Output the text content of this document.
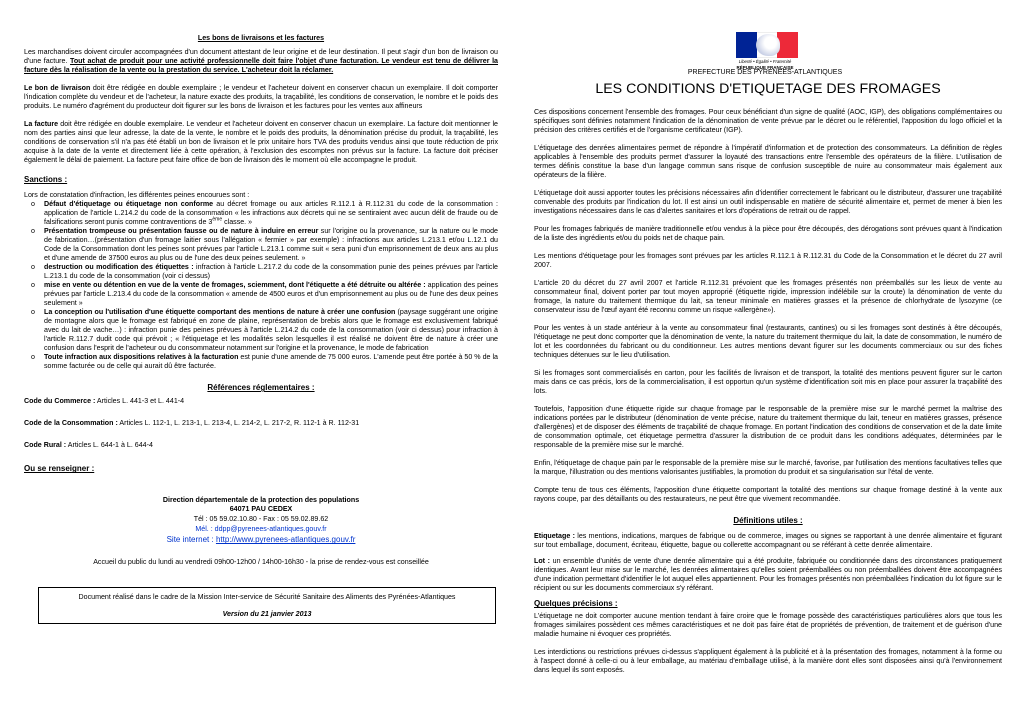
Les bons de livraisons et les factures

Les marchandises doivent circuler accompagnées d'un document attestant de leur origine et de leur destination. Il peut s'agir d'un bon de livraison ou d'une facture. Tout achat de produit pour une activité professionnelle doit faire l'objet d'une facturation. Le vendeur est tenu de délivrer la facture dès la réalisation de la vente ou la prestation du service. L'acheteur doit la réclamer.

Le bon de livraison doit être rédigée en double exemplaire ; le vendeur et l'acheteur doivent en conserver chacun un exemplaire. Il doit comporter l'indication complète du vendeur et de l'acheteur, la nature exacte des produits, la traçabilité, les conditions de conservation, le nombre et le poids des produits. Le numéro d'agrément du producteur doit figurer sur les bons de livraison et les factures pour les ventes aux affineurs

La facture doit être rédigée en double exemplaire. Le vendeur et l'acheteur doivent en conserver chacun un exemplaire. La facture doit mentionner le nom des parties ainsi que leur adresse, la date de la vente, le nombre et le poids des produits, la dénomination précise du produit, la traçabilité, les conditions de conservation s'il n'a pas été établi un bon de livraison et le prix unitaire hors TVA des produits vendus ainsi que toute réduction de prix acquise à la date de la vente et directement liée à cette opération, à l'exclusion des escomptes non prévus sur la facture. La facture doit préciser également le délai de paiement. La facture peut faire office de bon de livraison dès le moment où elle accompagne le produit.

Sanctions :

Lors de constatation d'infraction, les différentes peines encourues sont :

o Défaut d'étiquetage ou étiquetage non conforme au décret fromage ou aux articles R.112.1 à R.112.31 du code de la consommation : application de l'article L.214.2 du code de la consommation « les infractions aux décrets qui ne se sentiraient avec aucun délit de fraude ou de falsifications seront punis comme contraventions de 3ème classe. »
o Présentation trompeuse ou présentation fausse ou de nature à induire en erreur sur l'origine ou la provenance, sur la nature ou le mode de fabrication…(présentation d'un fromage laitier sous l'allégation « fermier » par exemple) : infractions aux articles L.213.1 et/ou L.12.1 du Code de la Consommation dont les peines sont prévues par l'article L.213.1 comme suit « sera puni d'un emprisonnement de deux ans au plus et d'une amende de 37500 euros au plus ou de l'une des deux peines seulement. »
o destruction ou modification des étiquettes : infraction à l'article L.217.2 du code de la consommation punie des peines prévues par l'article L.213.1 du code de la consommation (voir ci dessus)
o mise en vente ou détention en vue de la vente de fromages, sciemment, dont l'étiquette a été détruite ou altérée : application des peines prévues par l'article L.213.4 du code de la consommation « amende de 4500 euros et d'un emprisonnement au plus ou de l'une des deux peines seulement »
o La conception ou l'utilisation d'une étiquette comportant des mentions de nature à créer une confusion (paysage suggérant une origine de montagne alors que le fromage est fabriqué en zone de plaine, représentation de brebis alors que le fromage est exclusivement fabriqué avec du lait de vache…) : infraction punie des peines prévues à l'article L.214.2 du code de la consommation (voir ci dessus) pour infraction à l'article R.112.7 dudit code qui prévoit ; « l'étiquetage et les modalités selon lesquelles il est réalisé ne doivent être de nature à créer une confusion dans l'esprit de l'acheteur ou du consommateur notamment sur l'origine et la provenance, le mode de fabrication
o Toute infraction aux dispositions relatives à la facturation est punie d'une amende de 75 000 euros. L'amende peut être portée à 50 % de la somme facturée ou de celle qui aurait dû être facturée.

Références réglementaires :

Code du Commerce : Articles L. 441-3 et L. 441-4

Code de la Consommation : Articles L. 112-1, L. 213-1, L. 213-4, L. 214-2, L. 217-2, R. 112-1 à R. 112-31

Code Rural : Articles L. 644-1 à L. 644-4

Ou se renseigner :

Direction départementale de la protection des populations
64071 PAU CEDEX
Tél : 05 59.02.10.80 - Fax : 05 59.02.89.62
Mél. : ddpp@pyrenees-atlantiques.gouv.fr
Site internet : http://www.pyrenees-atlantiques.gouv.fr

Accueil du public du lundi au vendredi 09h00-12h00 / 14h00-16h30 - la prise de rendez-vous est conseillée

Document réalisé dans le cadre de la Mission Inter-service de Sécurité Sanitaire des Aliments des Pyrénées-Atlantiques
Version du 21 janvier 2013
Liberté • Égalité • Fraternité
RÉPUBLIQUE FRANÇAISE
PREFECTURE DES PYRENEES-ATLANTIQUES
LES CONDITIONS D'ETIQUETAGE DES FROMAGES

Ces dispositions concernent l'ensemble des fromages. Pour ceux bénéficiant d'un signe de qualité (AOC, IGP), des obligations complémentaires ou spécifiques sont définies notamment l'indication de la dénomination de vente prévue par le décret ou le référentiel, l'apposition du logo officiel et la précision des critères certifiés et de l'organisme certificateur (IGP).

L'étiquetage des denrées alimentaires permet de répondre à l'impératif d'information et de protection des consommateurs. La définition de règles applicables à l'ensemble des produits permet d'assurer la loyauté des transactions entre l'ensemble des opérateurs de la filière. L'utilisation de termes définis constitue la base d'un langage commun sans risque de confusion susceptible de nuire au consommateur mais également aux opérateurs de la filière.

L'étiquetage doit aussi apporter toutes les précisions nécessaires afin d'identifier correctement le fabricant ou le distributeur, d'assurer une traçabilité convenable des produits par l'indication du lot. Il est ainsi un outil indispensable en matière de sécurité alimentaire et, permet de mener à bien les investigations nécessaires dans le cas d'alertes sanitaires et lors d'opérations de retrait ou de rappel.

Pour les fromages fabriqués de manière traditionnelle et/ou vendus à la pièce pour être découpés, des dérogations sont prévues quant à l'indication de la liste des ingrédients et/ou du poids net de chaque pain.

Les mentions d'étiquetage pour les fromages sont prévues par les articles R.112.1 à R.112.31 du Code de la Consommation et le décret du 27 avril 2007.

L'article 20 du décret du 27 avril 2007 et l'article R.112.31 prévoient que les fromages présentés non préemballés sur les lieux de vente au consommateur final, doivent porter par tout moyen approprié (étiquette rigide, impression indélébile sur la croute) la dénomination de vente du fromage, la nature du traitement thermique du lait, sa teneur minimale en matières grasses et la présence de chlorhydrate de lysozyme (ce conservateur issu de l'œuf ayant été reconnu comme un risque «allergène»).

Pour les ventes à un stade antérieur à la vente au consommateur final (restaurants, cantines) ou si les fromages sont destinés à être découpés, l'étiquetage ne peut donc comporter que la dénomination de vente, la nature du traitement thermique du lait, la date de consommation, le numéro de lot et les coordonnées du fabricant ou du conditionneur. Les autres mentions devant figurer sur les documents commerciaux ou sur des fiches techniques détenues sur le lieu d'utilisation.

Si les fromages sont commercialisés en carton, pour les facilités de livraison et de transport, la totalité des mentions peuvent figurer sur le carton mais dans ce cas précis, lors de la commercialisation, il est opportun qu'un système d'identification soit mis en place pour assurer la traçabilité des lots.

Toutefois, l'apposition d'une étiquette rigide sur chaque fromage par le responsable de la première mise sur le marché permet la maîtrise des indications portées par le distributeur (dénomination de vente précise, nature du traitement thermique du lait, teneur en matières grasses, présence d'allergènes) et de disposer des éléments de traçabilité de chaque fromage. En portant l'indication des conditions de conservation et de la date limite de consommation optimale, cet étiquetage permettra d'assurer la distribution de ce produit dans les conditions adéquates, déterminées par le responsable de la première mise sur le marché.

Enfin, l'étiquetage de chaque pain par le responsable de la première mise sur le marché, favorise, par l'utilisation des mentions facultatives telles que la marque, l'illustration ou des mentions valorisantes justifiables, la promotion du produit et sa singularisation sur l'étal de vente.

Compte tenu de tous ces éléments, l'apposition d'une étiquette comportant la totalité des mentions sur chaque fromage destiné à la vente aux rayons coupe, par des détaillants ou des restaurateurs, ne peut être que vivement recommandée.

Définitions utiles :

Etiquetage : les mentions, indications, marques de fabrique ou de commerce, images ou signes se rapportant à une denrée alimentaire et figurant sur tout emballage, document, écriteau, étiquette, bague ou collerette accompagnant ou se référant à cette denrée alimentaire.

Lot : un ensemble d'unités de vente d'une denrée alimentaire qui a été produite, fabriquée ou conditionnée dans des circonstances pratiquement identiques. Avant leur mise sur le marché, les denrées alimentaires qu'elles soient préemballées ou non préemballées doivent être accompagnées d'une indication permettant d'identifier le lot auquel elles appartiennent. Pour les fromages présentés non préemballées l'indication du lot figure sur le récipient ou sur les documents commerciaux s'y référant.

Quelques précisions :

L'étiquetage ne doit comporter aucune mention tendant à faire croire que le fromage possède des caractéristiques particulières alors que tous les fromages similaires possèdent ces mêmes caractéristiques et ne doit pas faire état de propriétés de prévention, de traitement et de guérison d'une maladie humaine ni évoquer ces propriétés.

Les interdictions ou restrictions prévues ci-dessus s'appliquent également à la publicité et à la présentation des fromages, notamment à la forme ou à l'aspect donné à celle-ci ou à leur emballage, au matériau d'emballage utilisé, à la manière dont elles sont disposées ainsi qu'à l'environnement dans lequel ils sont exposés.
